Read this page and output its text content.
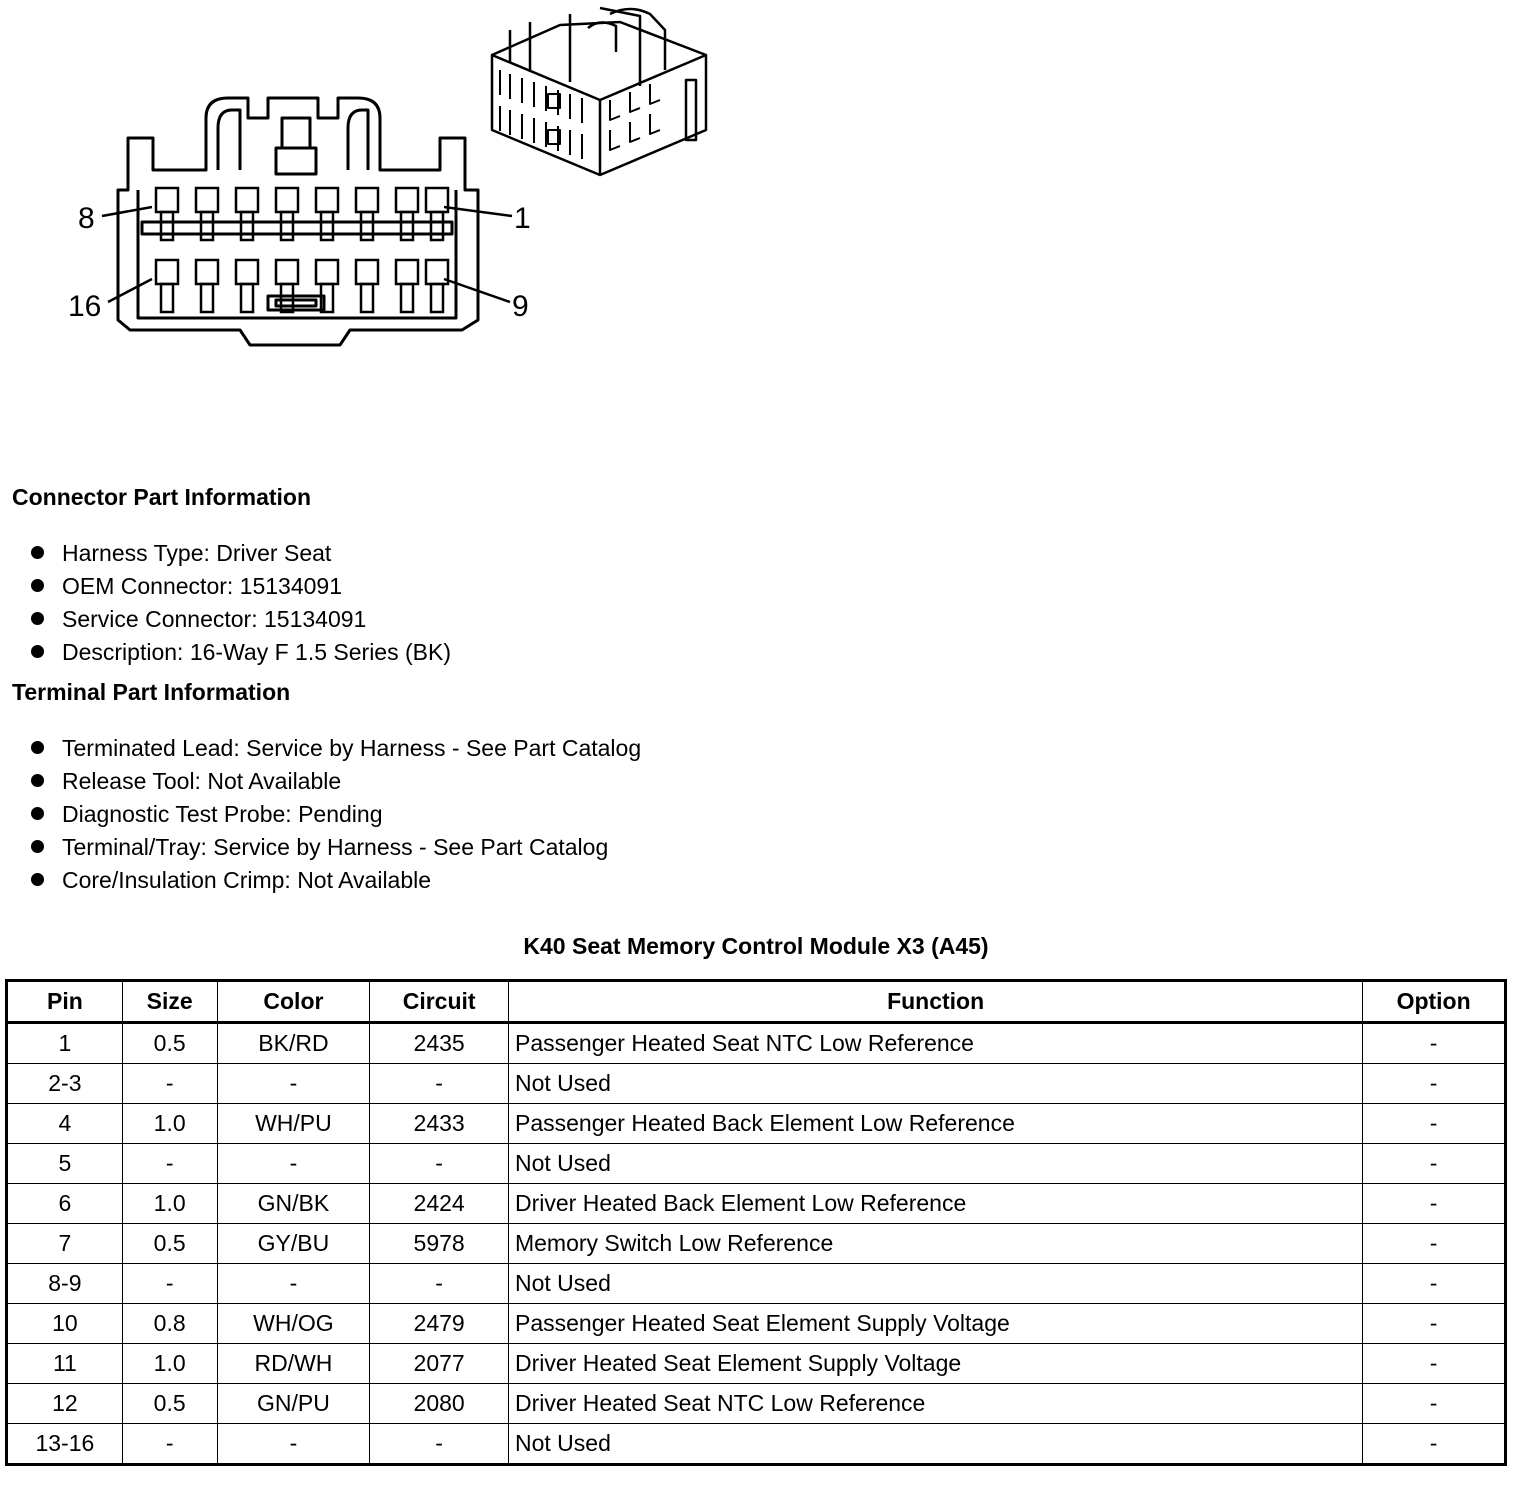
8	1
16	9
Connector Part Information
Harness Type: Driver Seat
OEM Connector: 15134091
Service Connector: 15134091
Description: 16-Way F 1.5 Series (BK)
Terminal Part Information
Terminated Lead: Service by Harness - See Part Catalog
Release Tool: Not Available
Diagnostic Test Probe: Pending
Terminal/Tray: Service by Harness - See Part Catalog
Core/Insulation Crimp: Not Available
K40 Seat Memory Control Module X3 (A45)
Pin	Size	Color	Circuit	Function	Option
1	0.5	BK/RD	2435	Passenger Heated Seat NTC Low Reference	-
2-3	-	-	-	Not Used	-
4	1.0	WH/PU	2433	Passenger Heated Back Element Low Reference	-
5	-	-	-	Not Used	-
6	1.0	GN/BK	2424	Driver Heated Back Element Low Reference	-
7	0.5	GY/BU	5978	Memory Switch Low Reference	-
8-9	-	-	-	Not Used	-
10	0.8	WH/OG	2479	Passenger Heated Seat Element Supply Voltage	-
11	1.0	RD/WH	2077	Driver Heated Seat Element Supply Voltage	-
12	0.5	GN/PU	2080	Driver Heated Seat NTC Low Reference	-
13-16	-	-	-	Not Used	-
